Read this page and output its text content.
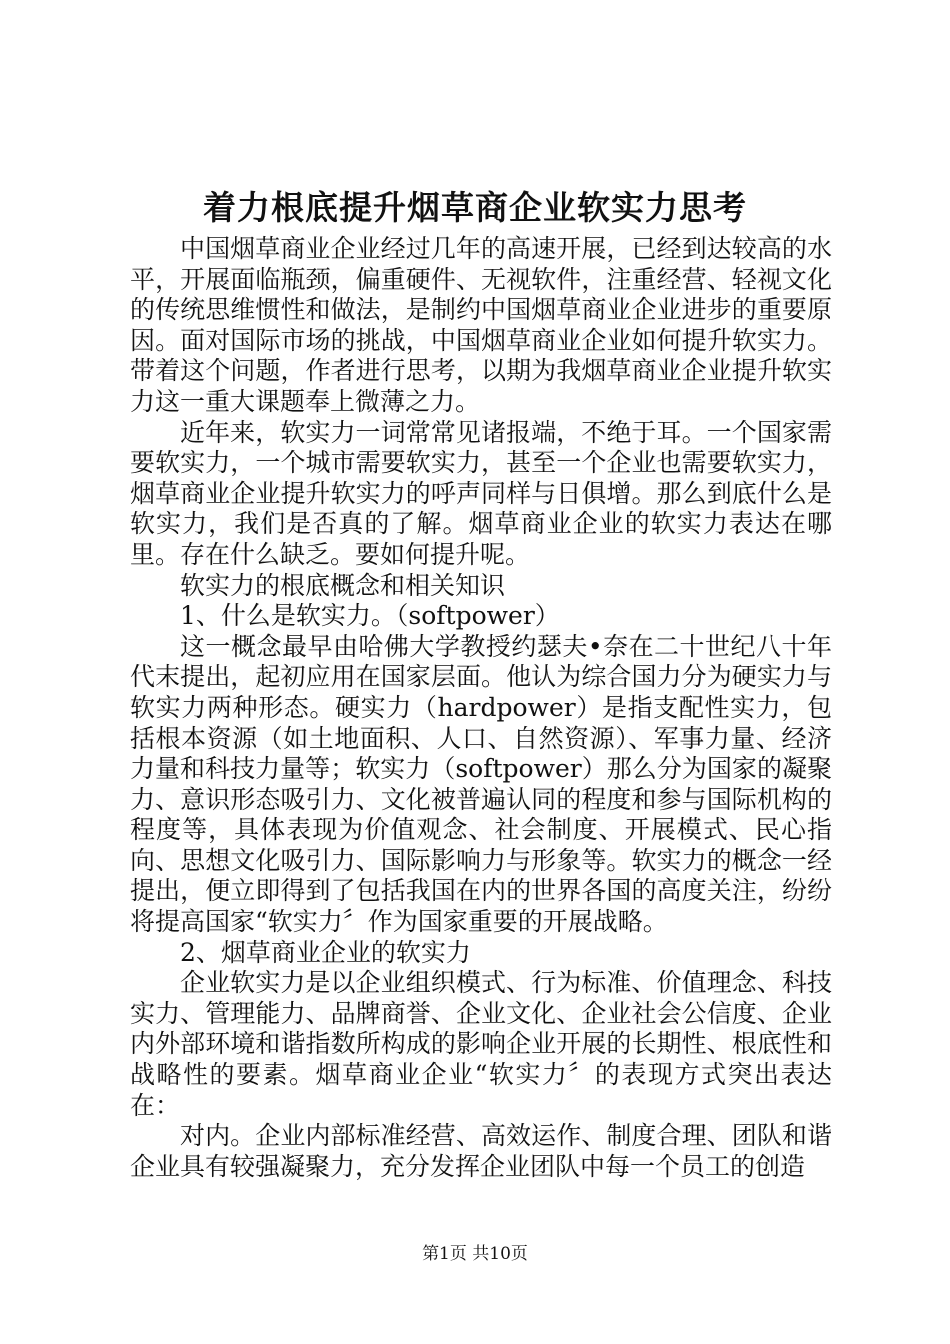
着力根底提升烟草商企业软实力思考

中国烟草商业企业经过几年的高速开展，已经到达较高的水平，开展面临瓶颈，偏重硬件、无视软件，注重经营、轻视文化的传统思维惯性和做法，是制约中国烟草商业企业进步的重要原因。面对国际市场的挑战，中国烟草商业企业如何提升软实力。带着这个问题，作者进行思考，以期为我烟草商业企业提升软实力这一重大课题奉上微薄之力。

近年来，软实力一词常常见诸报端，不绝于耳。一个国家需要软实力，一个城市需要软实力，甚至一个企业也需要软实力，烟草商业企业提升软实力的呼声同样与日俱增。那么到底什么是软实力，我们是否真的了解。烟草商业企业的软实力表达在哪里。存在什么缺乏。要如何提升呢。

软实力的根底概念和相关知识

1、什么是软实力。（softpower）

这一概念最早由哈佛大学教授约瑟夫•奈在二十世纪八十年代末提出，起初应用在国家层面。他认为综合国力分为硬实力与软实力两种形态。硬实力（hardpower）是指支配性实力，包括根本资源（如土地面积、人口、自然资源）、军事力量、经济力量和科技力量等；软实力（softpower）那么分为国家的凝聚力、意识形态吸引力、文化被普遍认同的程度和参与国际机构的程度等，具体表现为价值观念、社会制度、开展模式、民心指向、思想文化吸引力、国际影响力与形象等。软实力的概念一经提出，便立即得到了包括我国在内的世界各国的高度关注，纷纷将提高国家“软实力〞作为国家重要的开展战略。

2、烟草商业企业的软实力

企业软实力是以企业组织模式、行为标准、价值理念、科技实力、管理能力、品牌商誉、企业文化、企业社会公信度、企业内外部环境和谐指数所构成的影响企业开展的长期性、根底性和战略性的要素。烟草商业企业“软实力〞的表现方式突出表达在：

对内。企业内部标准经营、高效运作、制度合理、团队和谐企业具有较强凝聚力，充分发挥企业团队中每一个员工的创造

第1页 共10页
